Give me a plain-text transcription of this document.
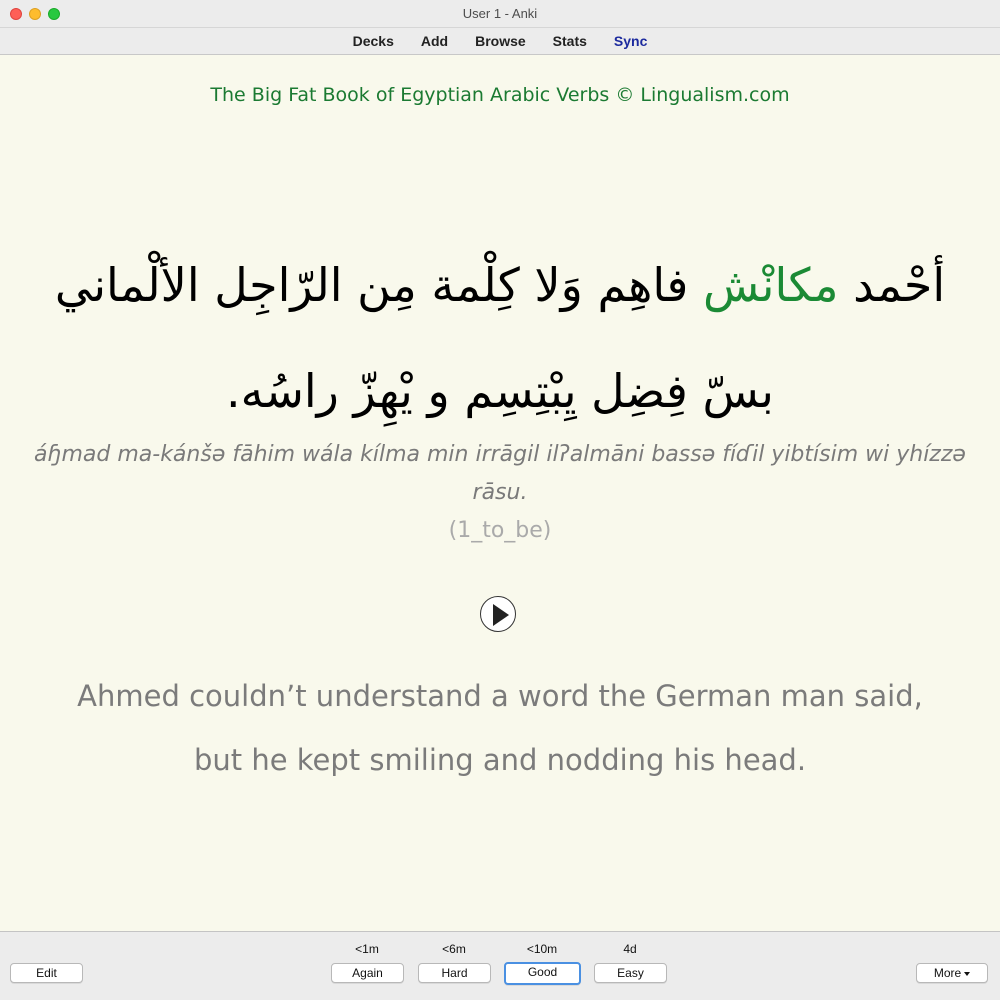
User 1 - Anki
Decks Add Browse Stats Sync
The Big Fat Book of Egyptian Arabic Verbs © Lingualism.com
أحْمد مكانْش فاهِم وَلا كِلْمة مِن الرّاجِل الألْماني بسّ فِضِل يِبْتِسِم و يْهِزّ راسُه.
áɧmad ma-kánšə fāhim wála kílma min irrāgil ilʔalmāni bassə fíɗil yibtísim wi yhízzə rāsu.
(1_to_be)
Ahmed couldn’t understand a word the German man said,
but he kept smiling and nodding his head.
Edit
<1m
Again
<6m
Hard
<10m
Good
4d
Easy	More
